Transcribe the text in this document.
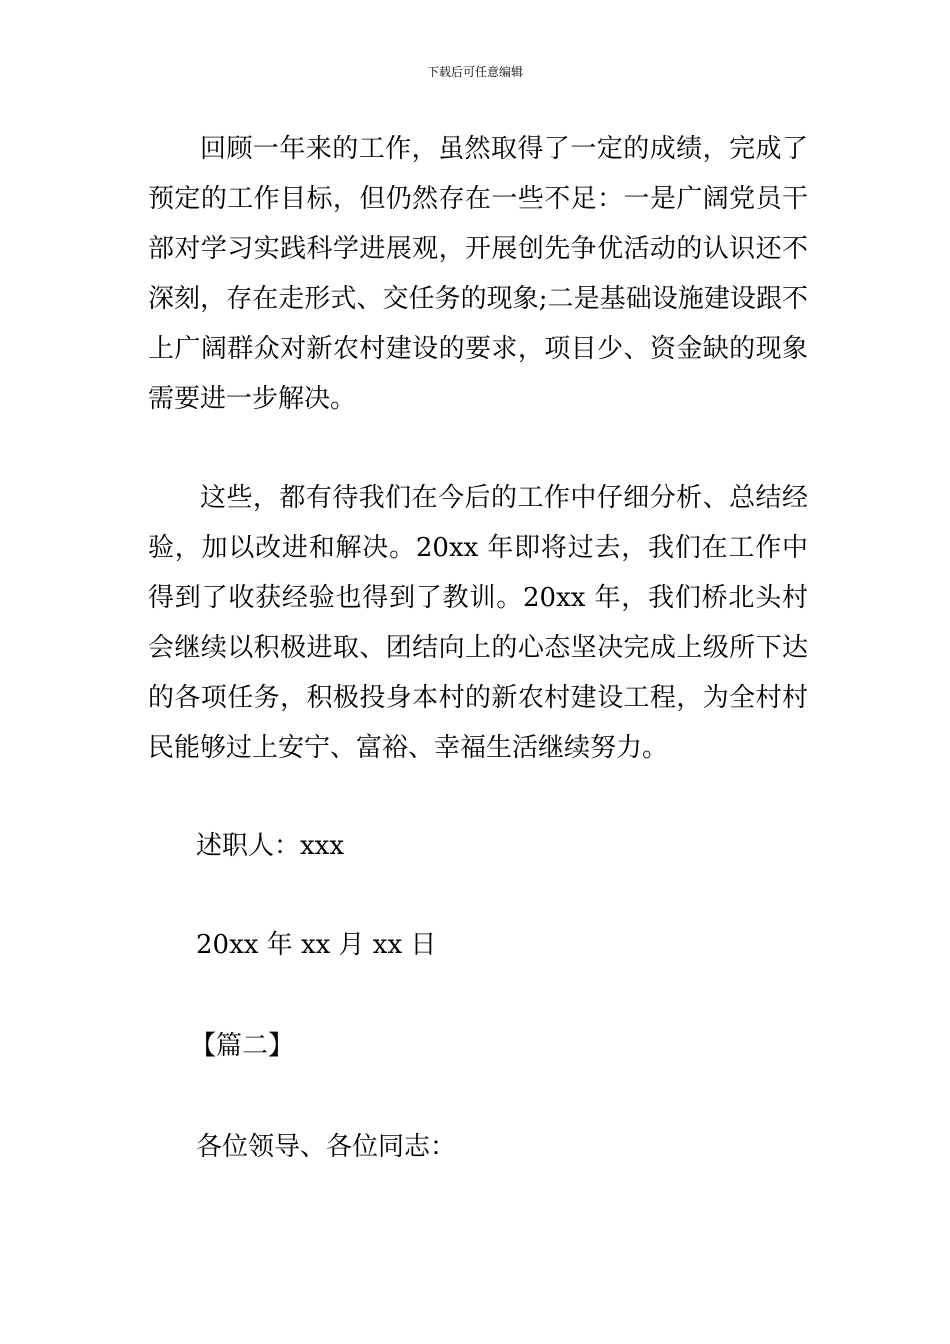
下载后可任意编辑

回顾一年来的工作，虽然取得了一定的成绩，完成了预定的工作目标，但仍然存在一些不足：一是广阔党员干部对学习实践科学进展观，开展创先争优活动的认识还不深刻，存在走形式、交任务的现象;二是基础设施建设跟不上广阔群众对新农村建设的要求，项目少、资金缺的现象需要进一步解决。

这些，都有待我们在今后的工作中仔细分析、总结经验，加以改进和解决。20xx 年即将过去，我们在工作中得到了收获经验也得到了教训。20xx 年，我们桥北头村会继续以积极进取、团结向上的心态坚决完成上级所下达的各项任务，积极投身本村的新农村建设工程，为全村村民能够过上安宁、富裕、幸福生活继续努力。

述职人：xxx
20xx 年 xx 月 xx 日
【篇二】
各位领导、各位同志：
